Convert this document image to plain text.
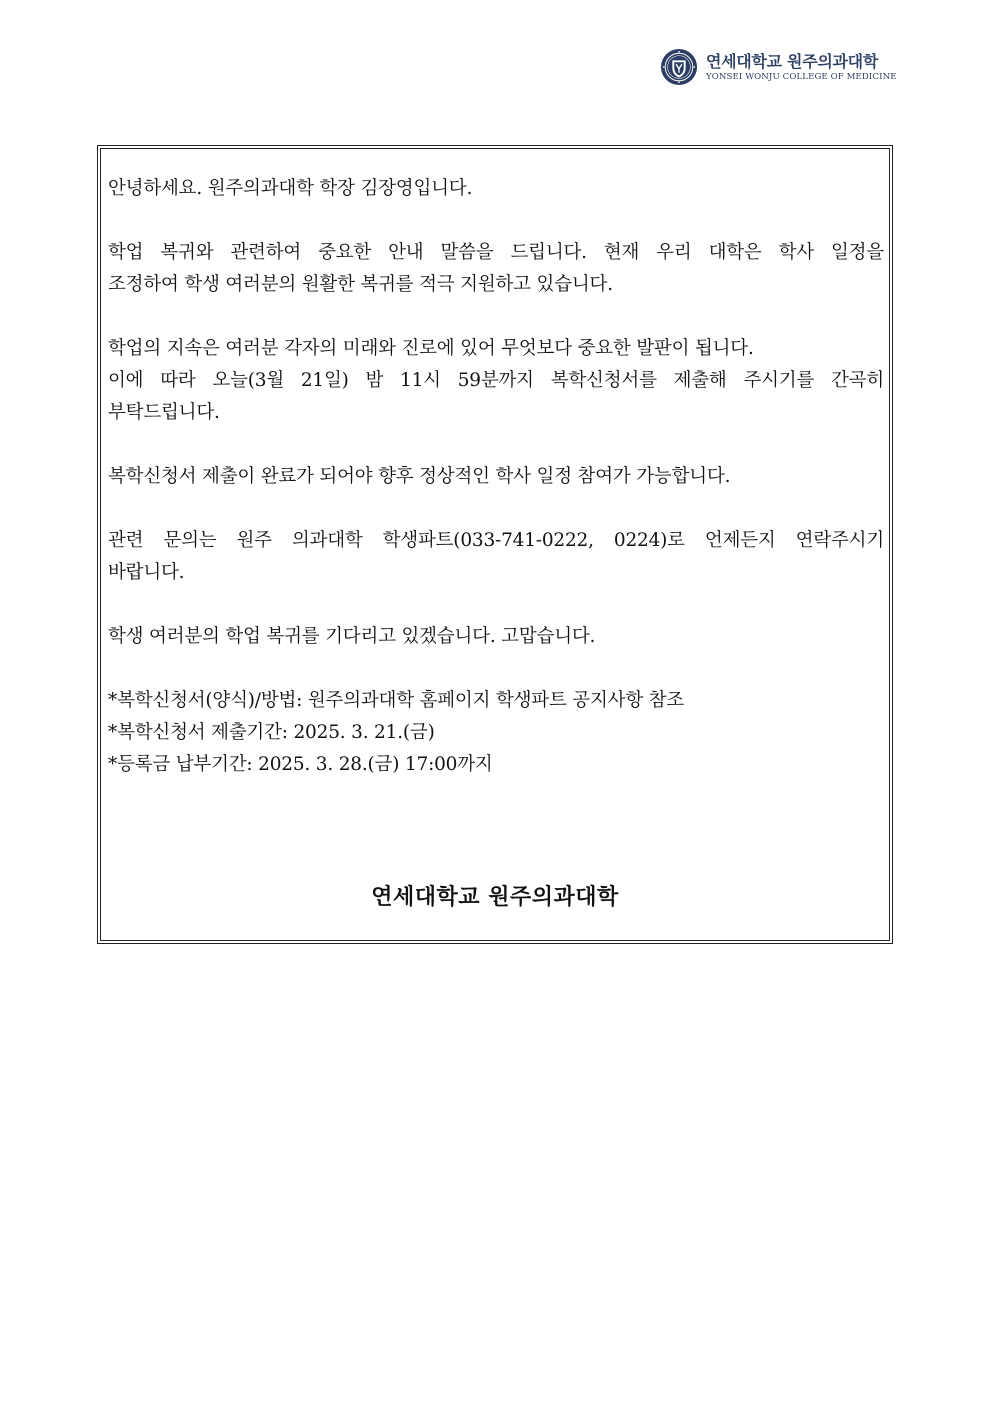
연세대학교 원주의과대학
YONSEI WONJU COLLEGE OF MEDICINE
안녕하세요. 원주의과대학 학장 김장영입니다.
학업 복귀와 관련하여 중요한 안내 말씀을 드립니다. 현재 우리 대학은 학사 일정을
조정하여 학생 여러분의 원활한 복귀를 적극 지원하고 있습니다.
학업의 지속은 여러분 각자의 미래와 진로에 있어 무엇보다 중요한 발판이 됩니다.
이에 따라 오늘(3월 21일) 밤 11시 59분까지 복학신청서를 제출해 주시기를 간곡히
부탁드립니다.
복학신청서 제출이 완료가 되어야 향후 정상적인 학사 일정 참여가 가능합니다.
관련 문의는 원주 의과대학 학생파트(033-741-0222, 0224)로 언제든지 연락주시기
바랍니다.
학생 여러분의 학업 복귀를 기다리고 있겠습니다. 고맙습니다.
*복학신청서(양식)/방법: 원주의과대학 홈페이지 학생파트 공지사항 참조
*복학신청서 제출기간: 2025. 3. 21.(금)
*등록금 납부기간: 2025. 3. 28.(금) 17:00까지
연세대학교 원주의과대학
